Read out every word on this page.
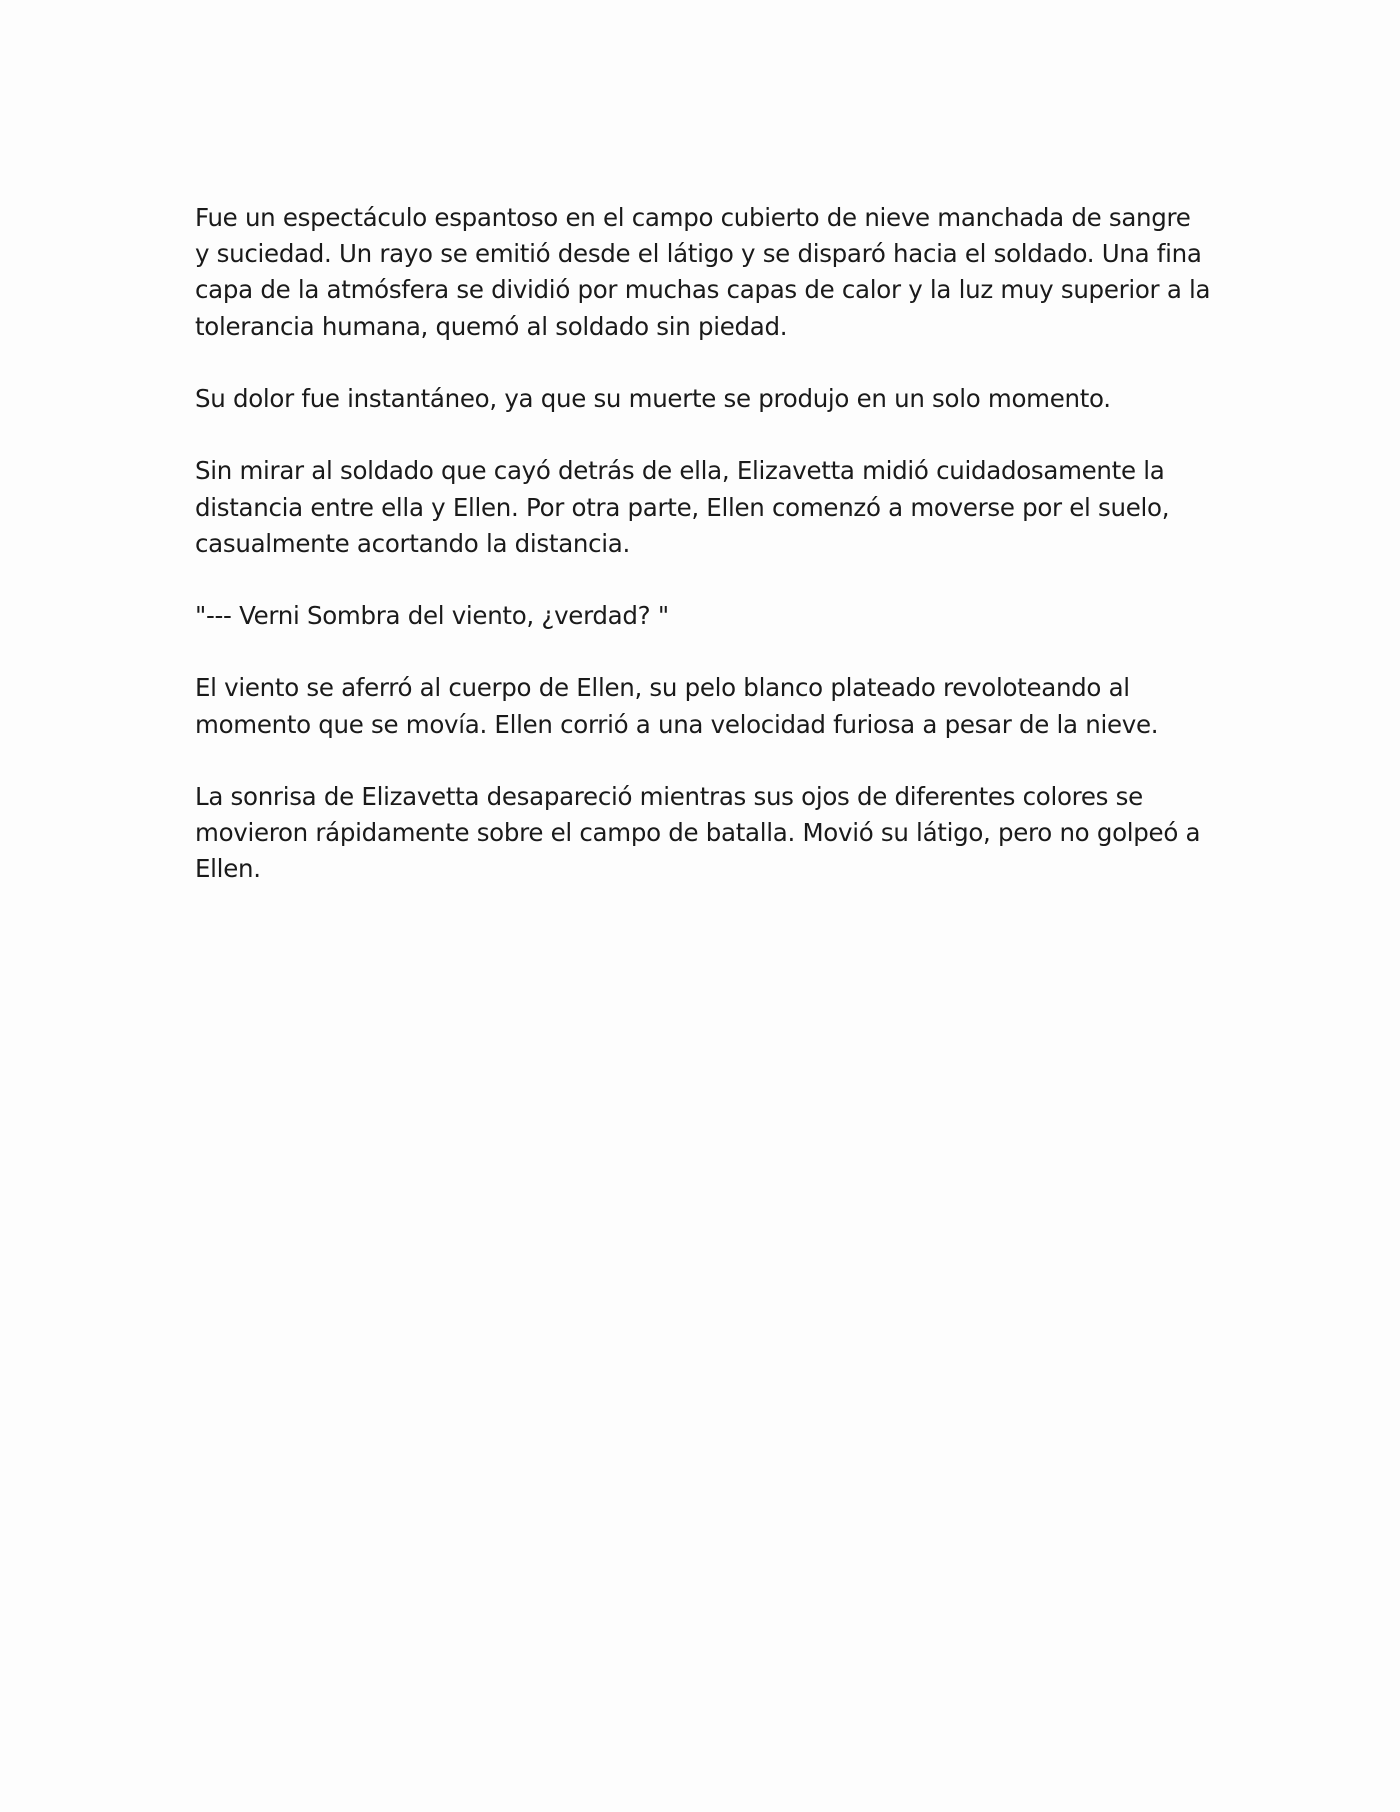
Fue un espectáculo espantoso en el campo cubierto de nieve manchada de sangre
y suciedad. Un rayo se emitió desde el látigo y se disparó hacia el soldado. Una fina
capa de la atmósfera se dividió por muchas capas de calor y la luz muy superior a la
tolerancia humana, quemó al soldado sin piedad.
Su dolor fue instantáneo, ya que su muerte se produjo en un solo momento.
Sin mirar al soldado que cayó detrás de ella, Elizavetta midió cuidadosamente la
distancia entre ella y Ellen. Por otra parte, Ellen comenzó a moverse por el suelo,
casualmente acortando la distancia.
"--- Verni Sombra del viento, ¿verdad? "
El viento se aferró al cuerpo de Ellen, su pelo blanco plateado revoloteando al
momento que se movía. Ellen corrió a una velocidad furiosa a pesar de la nieve.
La sonrisa de Elizavetta desapareció mientras sus ojos de diferentes colores se
movieron rápidamente sobre el campo de batalla. Movió su látigo, pero no golpeó a
Ellen.
